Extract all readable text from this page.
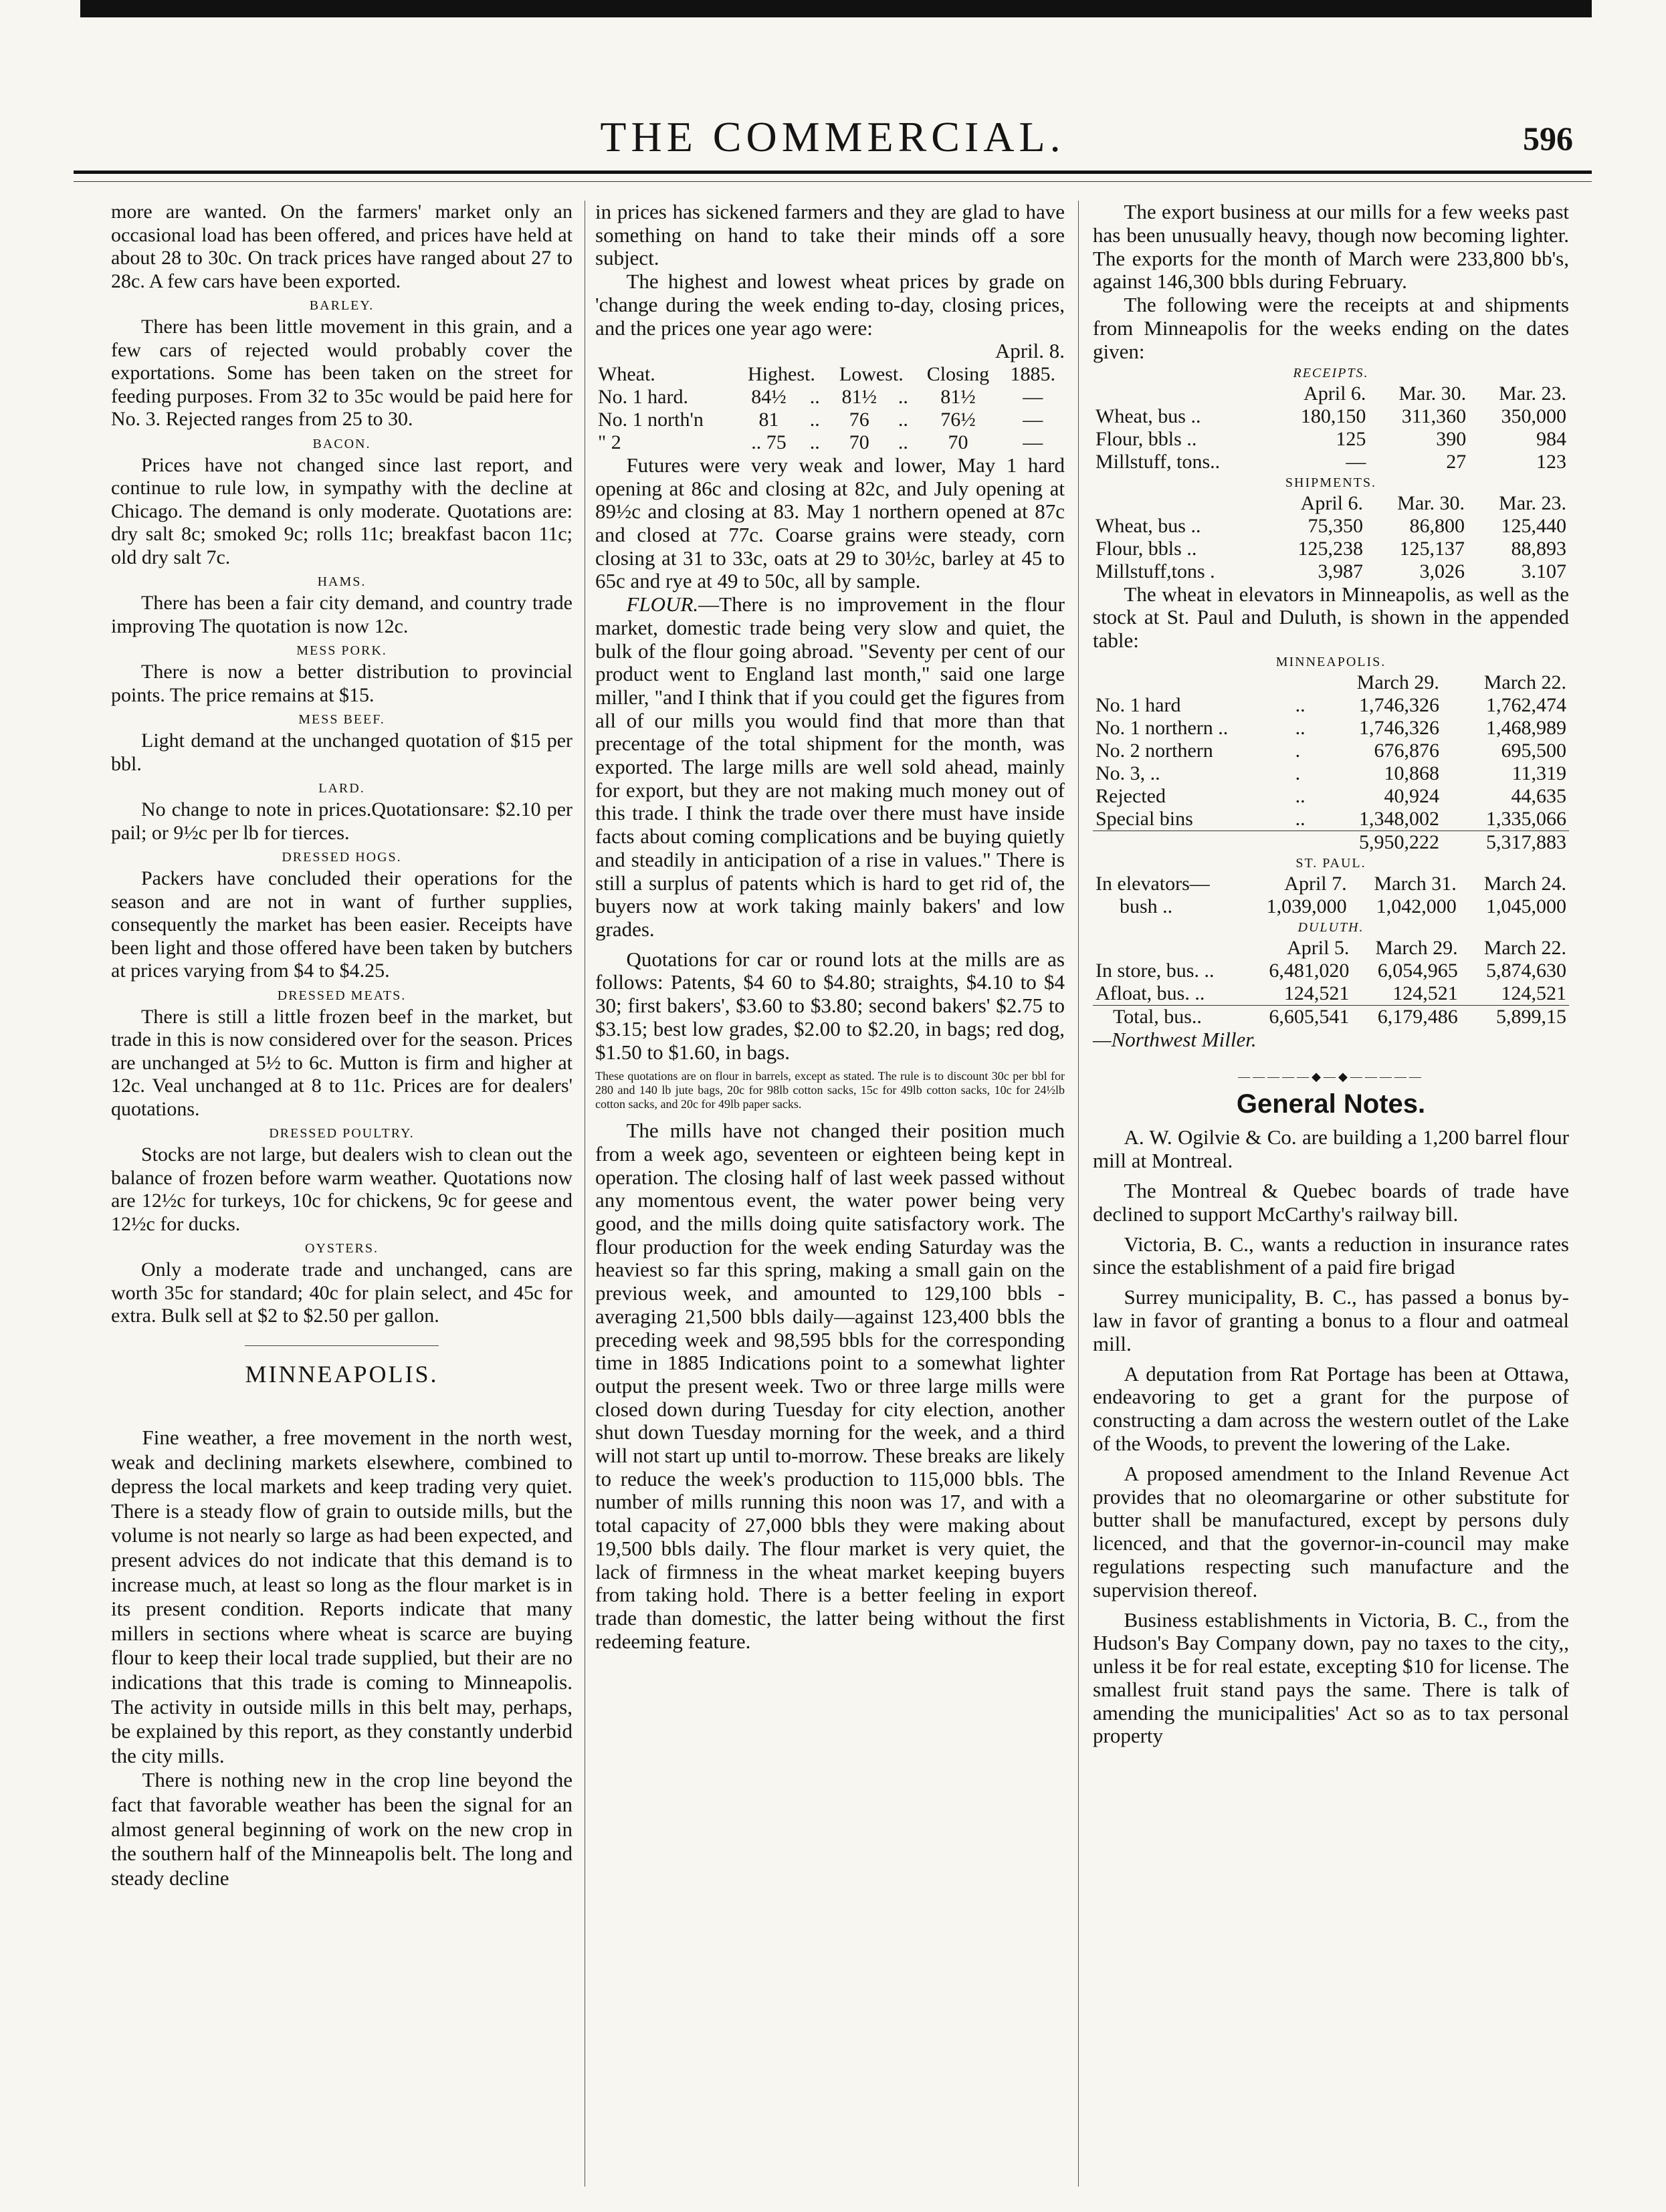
THE COMMERCIAL.	596

more are wanted. On the farmers' market only an occasional load has been offered, and prices have held at about 28 to 30c. On track prices have ranged about 27 to 28c. A few cars have been exported.

BARLEY.

There has been little movement in this grain, and a few cars of rejected would probably cover the exportations. Some has been taken on the street for feeding purposes. From 32 to 35c would be paid here for No. 3. Rejected ranges from 25 to 30.

BACON.

Prices have not changed since last report, and continue to rule low, in sympathy with the decline at Chicago. The demand is only moderate. Quotations are: dry salt 8c; smoked 9c; rolls 11c; breakfast bacon 11c; old dry salt 7c.

HAMS.

There has been a fair city demand, and country trade improving The quotation is now 12c.

MESS PORK.

There is now a better distribution to provincial points. The price remains at $15.

MESS BEEF.

Light demand at the unchanged quotation of $15 per bbl.

LARD.

No change to note in prices.Quotationsare: $2.10 per pail; or 9½c per lb for tierces.

DRESSED HOGS.

Packers have concluded their operations for the season and are not in want of further supplies, consequently the market has been easier. Receipts have been light and those offered have been taken by butchers at prices varying from $4 to $4.25.

DRESSED MEATS.

There is still a little frozen beef in the market, but trade in this is now considered over for the season. Prices are unchanged at 5½ to 6c. Mutton is firm and higher at 12c. Veal unchanged at 8 to 11c. Prices are for dealers' quotations.

DRESSED POULTRY.

Stocks are not large, but dealers wish to clean out the balance of frozen before warm weather. Quotations now are 12½c for turkeys, 10c for chickens, 9c for geese and 12½c for ducks.

OYSTERS.

Only a moderate trade and unchanged, cans are worth 35c for standard; 40c for plain select, and 45c for extra. Bulk sell at $2 to $2.50 per gallon.

MINNEAPOLIS.

Fine weather, a free movement in the north west, weak and declining markets elsewhere, combined to depress the local markets and keep trading very quiet. There is a steady flow of grain to outside mills, but the volume is not nearly so large as had been expected, and present advices do not indicate that this demand is to increase much, at least so long as the flour market is in its present condition. Reports indicate that many millers in sections where wheat is scarce are buying flour to keep their local trade supplied, but their are no indications that this trade is coming to Minneapolis. The activity in outside mills in this belt may, perhaps, be explained by this report, as they constantly underbid the city mills.

There is nothing new in the crop line beyond the fact that favorable weather has been the signal for an almost general beginning of work on the new crop in the southern half of the Minneapolis belt. The long and steady decline

in prices has sickened farmers and they are glad to have something on hand to take their minds off a sore subject.

The highest and lowest wheat prices by grade on 'change during the week ending to-day, closing prices, and the prices one year ago were:

April. 8.

Wheat.	Highest.		Lowest.		Closing	1885.
No. 1 hard.	84½	..	81½	..	81½	—
No. 1 north'n	81	..	76	..	76½	—
" 2	.. 75	..	70	..	70	—

Futures were very weak and lower, May 1 hard opening at 86c and closing at 82c, and July opening at 89½c and closing at 83. May 1 northern opened at 87c and closed at 77c. Coarse grains were steady, corn closing at 31 to 33c, oats at 29 to 30½c, barley at 45 to 65c and rye at 49 to 50c, all by sample.

FLOUR.—There is no improvement in the flour market, domestic trade being very slow and quiet, the bulk of the flour going abroad. "Seventy per cent of our product went to England last month," said one large miller, "and I think that if you could get the figures from all of our mills you would find that more than that precentage of the total shipment for the month, was exported. The large mills are well sold ahead, mainly for export, but they are not making much money out of this trade. I think the trade over there must have inside facts about coming complications and be buying quietly and steadily in anticipation of a rise in values." There is still a surplus of patents which is hard to get rid of, the buyers now at work taking mainly bakers' and low grades.

Quotations for car or round lots at the mills are as follows: Patents, $4 60 to $4.80; straights, $4.10 to $4 30; first bakers', $3.60 to $3.80; second bakers' $2.75 to $3.15; best low grades, $2.00 to $2.20, in bags; red dog, $1.50 to $1.60, in bags.

These quotations are on flour in barrels, except as stated. The rule is to discount 30c per bbl for 280 and 140 lb jute bags, 20c for 98lb cotton sacks, 15c for 49lb cotton sacks, 10c for 24½lb cotton sacks, and 20c for 49lb paper sacks.

The mills have not changed their position much from a week ago, seventeen or eighteen being kept in operation. The closing half of last week passed without any momentous event, the water power being very good, and the mills doing quite satisfactory work. The flour production for the week ending Saturday was the heaviest so far this spring, making a small gain on the previous week, and amounted to 129,100 bbls - averaging 21,500 bbls daily—against 123,400 bbls the preceding week and 98,595 bbls for the corresponding time in 1885 Indications point to a somewhat lighter output the present week. Two or three large mills were closed down during Tuesday for city election, another shut down Tuesday morning for the week, and a third will not start up until to-morrow. These breaks are likely to reduce the week's production to 115,000 bbls. The number of mills running this noon was 17, and with a total capacity of 27,000 bbls they were making about 19,500 bbls daily. The flour market is very quiet, the lack of firmness in the wheat market keeping buyers from taking hold. There is a better feeling in export trade than domestic, the latter being without the first redeeming feature.

The export business at our mills for a few weeks past has been unusually heavy, though now becoming lighter. The exports for the month of March were 233,800 bb's, against 146,300 bbls during February.

The following were the receipts at and shipments from Minneapolis for the weeks ending on the dates given:

RECEIPTS.
	April 6.	Mar. 30.	Mar. 23.
Wheat, bus ..	180,150	311,360	350,000
Flour, bbls ..	125	390	984
Millstuff, tons..	—	27	123
SHIPMENTS.
	April 6.	Mar. 30.	Mar. 23.
Wheat, bus ..	75,350	86,800	125,440
Flour, bbls ..	125,238	125,137	88,893
Millstuff,tons .	3,987	3,026	3.107

The wheat in elevators in Minneapolis, as well as the stock at St. Paul and Duluth, is shown in the appended table:

MINNEAPOLIS.
		March 29.	March 22.
No. 1 hard	..	1,746,326	1,762,474
No. 1 northern ..	..	1,746,326	1,468,989
No. 2 northern	.	676,876	695,500
No. 3, ..	.	10,868	11,319
Rejected	..	40,924	44,635
Special bins	..	1,348,002	1,335,066
		5,950,222	5,317,883
ST. PAUL.
In elevators—	April 7.	March 31.	March 24.
bush ..	1,039,000	1,042,000	1,045,000
DULUTH.
	April 5.	March 29.	March 22.
In store, bus. ..	6,481,020	6,054,965	5,874,630
Afloat, bus. ..	124,521	124,521	124,521
Total, bus..	6,605,541	6,179,486	5,899,15

—Northwest Miller.

—————◆—◆—————
General Notes.

A. W. Ogilvie & Co. are building a 1,200 barrel flour mill at Montreal.

The Montreal & Quebec boards of trade have declined to support McCarthy's railway bill.

Victoria, B. C., wants a reduction in insurance rates since the establishment of a paid fire brigad

Surrey municipality, B. C., has passed a bonus by-law in favor of granting a bonus to a flour and oatmeal mill.

A deputation from Rat Portage has been at Ottawa, endeavoring to get a grant for the purpose of constructing a dam across the western outlet of the Lake of the Woods, to prevent the lowering of the Lake.

A proposed amendment to the Inland Revenue Act provides that no oleomargarine or other substitute for butter shall be manufactured, except by persons duly licenced, and that the governor-in-council may make regulations respecting such manufacture and the supervision thereof.

Business establishments in Victoria, B. C., from the Hudson's Bay Company down, pay no taxes to the city,, unless it be for real estate, excepting $10 for license. The smallest fruit stand pays the same. There is talk of amending the municipalities' Act so as to tax personal property
